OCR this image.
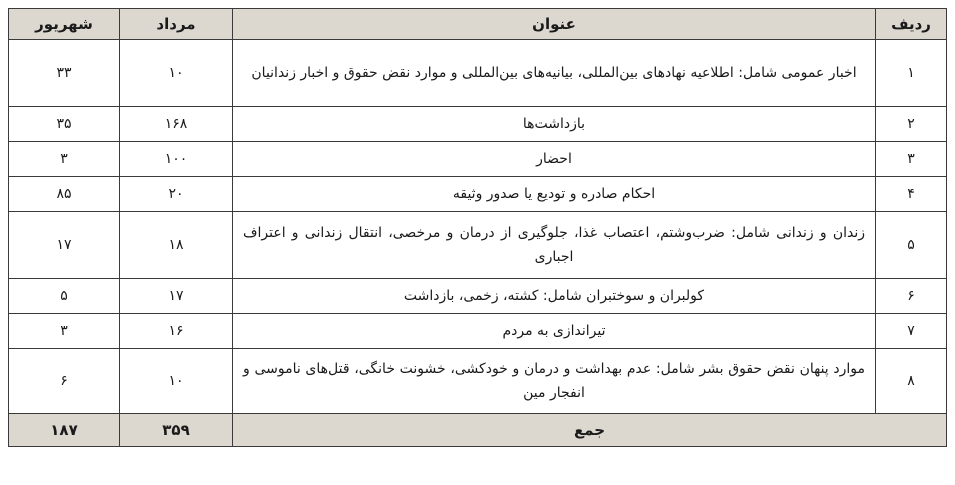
ردیف	عنوان	مرداد	شهریور
۱	اخبار عمومی شامل: اطلاعیه نهادهای بین‌المللی، بیانیه‌های بین‌المللی و موارد نقض حقوق و اخبار زندانیان	۱۰	۳۳
۲	بازداشت‌ها	۱۶۸	۳۵
۳	احضار	۱۰۰	۳
۴	احکام صادره و تودیع یا صدور وثیقه	۲۰	۸۵
۵	زندان و زندانی شامل: ضرب‌وشتم، اعتصاب غذا، جلوگیری از درمان و مرخصی، انتقال زندانی و اعتراف اجباری	۱۸	۱۷
۶	کولبران و سوختبران شامل: کشته، زخمی، بازداشت	۱۷	۵
۷	تیراندازی به مردم	۱۶	۳
۸	موارد پنهان نقض حقوق بشر شامل: عدم بهداشت و درمان و خودکشی، خشونت خانگی، قتل‌های ناموسی و انفجار مین	۱۰	۶
جمع		۳۵۹	۱۸۷
